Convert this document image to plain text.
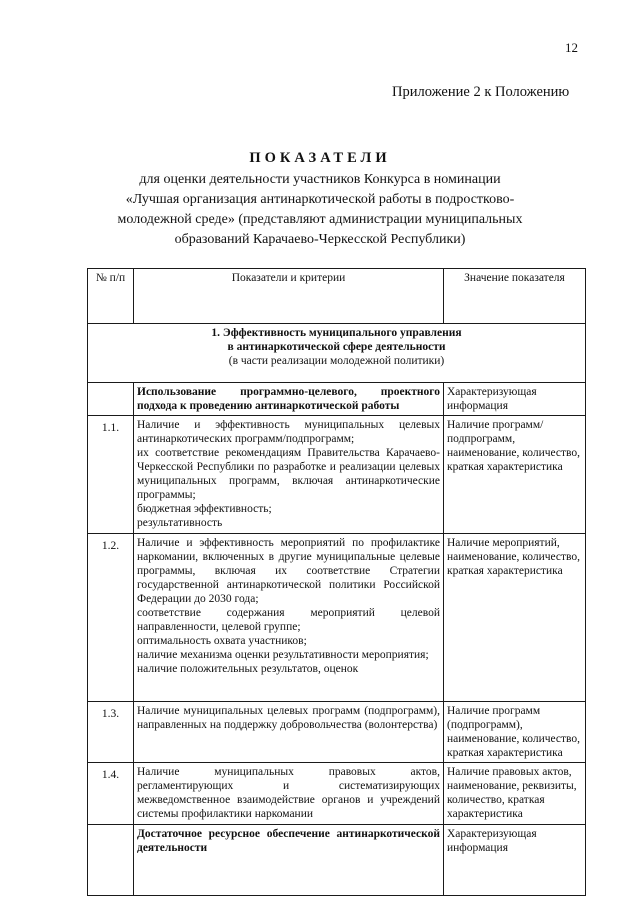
12
Приложение 2 к Положению
ПОКАЗАТЕЛИ
для оценки деятельности участников Конкурса в номинации
«Лучшая организация антинаркотической работы в подростково-
молодежной среде» (представляют администрации муниципальных
образований Карачаево-Черкесской Республики)
№ п/п	Показатели и критерии	Значение показателя

1. Эффективность муниципального управления
в антинаркотической сфере деятельности
(в части реализации молодежной политики)		

	Использование программно-целевого, проектного подхода к проведению антинаркотической работы	Характеризующая информация
1.1.	Наличие и эффективность муниципальных целевых антинаркотических программ/подпрограмм;
их соответствие рекомендациям Правительства Карачаево-Черкесской Республики по разработке и реализации целевых муниципальных программ, включая антинаркотические программы;
бюджетная эффективность;
результативность	Наличие программ/ подпрограмм, наименование, количество, краткая характеристика
1.2.	Наличие и эффективность мероприятий по профилактике наркомании, включенных в другие муниципальные целевые программы, включая их соответствие Стратегии государственной антинаркотической политики Российской Федерации до 2030 года;
соответствие содержания мероприятий целевой направленности, целевой группе;
оптимальность охвата участников;
наличие механизма оценки результативности мероприятия;
наличие положительных результатов, оценок	Наличие мероприятий, наименование, количество, краткая характеристика
1.3.	Наличие муниципальных целевых программ (подпрограмм), направленных на поддержку добровольчества (волонтерства)	Наличие программ (подпрограмм), наименование, количество, краткая характеристика
1.4.	Наличие муниципальных правовых актов, регламентирующих и систематизирующих межведомственное взаимодействие органов и учреждений системы профилактики наркомании	Наличие правовых актов, наименование, реквизиты, количество, краткая характеристика
	Достаточное ресурсное обеспечение антинаркотической деятельности	Характеризующая информация
